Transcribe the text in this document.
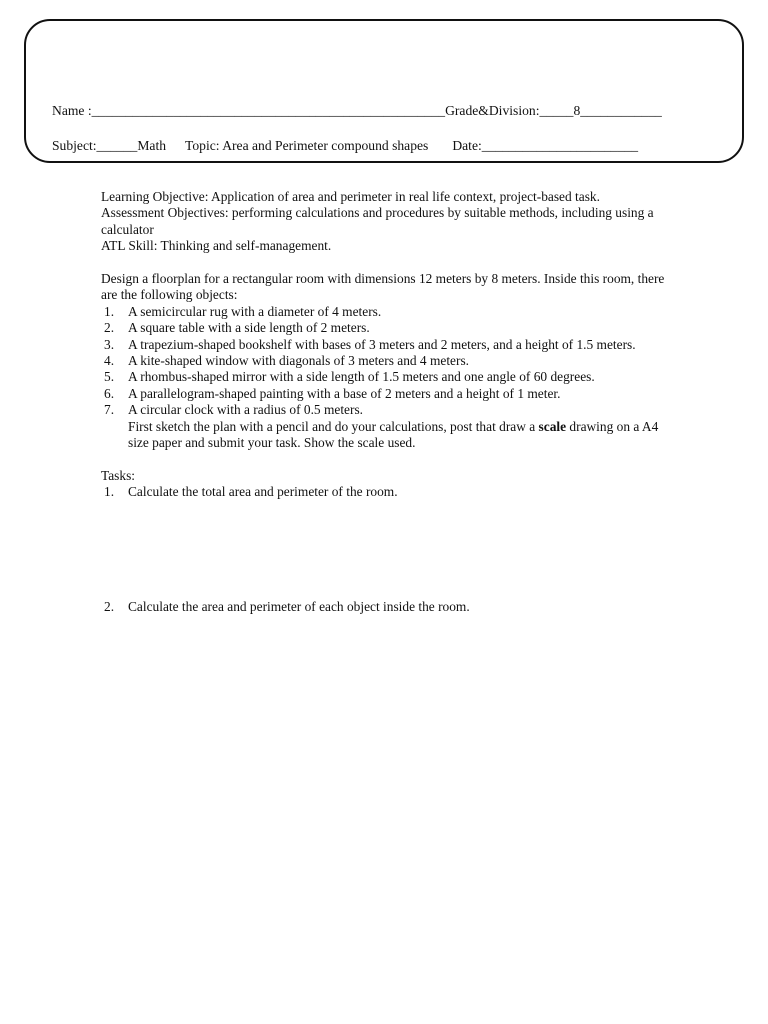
Name :____________________________________________________Grade&Division:_____8____________
Subject:______Math Topic: Area and Perimeter compound shapes Date:_______________________

Learning Objective: Application of area and perimeter in real life context, project-based task.

Assessment Objectives: performing calculations and procedures by suitable methods, including using a calculator

ATL Skill: Thinking and self-management.

Design a floorplan for a rectangular room with dimensions 12 meters by 8 meters. Inside this room, there are the following objects:

1. A semicircular rug with a diameter of 4 meters.
2. A square table with a side length of 2 meters.
3. A trapezium-shaped bookshelf with bases of 3 meters and 2 meters, and a height of 1.5 meters.
4. A kite-shaped window with diagonals of 3 meters and 4 meters.
5. A rhombus-shaped mirror with a side length of 1.5 meters and one angle of 60 degrees.
6. A parallelogram-shaped painting with a base of 2 meters and a height of 1 meter.
7. A circular clock with a radius of 0.5 meters.

First sketch the plan with a pencil and do your calculations, post that draw a scale drawing on a A4 size paper and submit your task. Show the scale used.

Tasks:

1. Calculate the total area and perimeter of the room.
2. Calculate the area and perimeter of each object inside the room.
